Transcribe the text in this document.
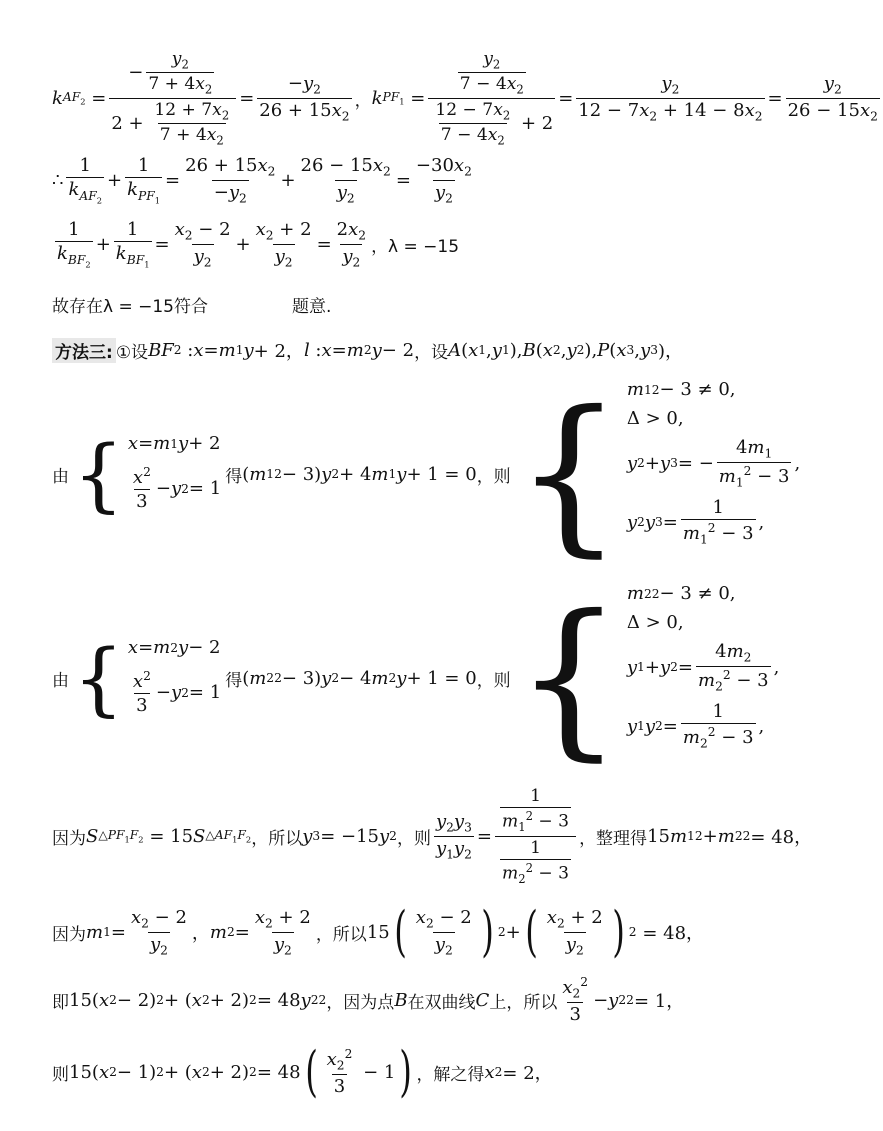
k $AF_2 = \frac{- \frac{y_2}{7 + 4x_2}}{2 + \frac{12 + 7x_2}{7 + 4x_2}} = \frac{-y_2}{26 + 15x_2}$ ， k $PF_1 = \frac{\frac{y_2}{7 - 4x_2}}{\frac{12 - 7x_2}{7 - 4x_2} + 2} = \frac{y_2}{12 - 7x_2 + 14 - 8x_2} = \frac{y_2}{26 - 15x_2}$
∴ $\frac{1}{k_{AF_2}} + \frac{1}{k_{PF_1}} = \frac{26 + 15x_2}{-y_2} + \frac{26 - 15x_2}{y_2} = \frac{-30x_2}{y_2}$
$\frac{1}{k_{BF_2}} + \frac{1}{k_{BF_1}} = \frac{x_2 - 2}{y_2} + \frac{x_2 + 2}{y_2} = \frac{2x_2}{y_2}$ ，λ = −15
故存在λ = −15符合	题意.
方法三: ①设 BF 2 : x = m 1 y + 2， l : x = m 2 y − 2 ，设 A ( x 1 , y 1 ), B ( x 2 , y 2 ), P ( x 3 , y 3 )，
由 { x = m 1 y + 2
$\frac{x^2}{3} - y$ 2 = 1
得 ( m 1 2 − 3) y 2 + 4 m 1 y + 1 = 0 ，则 { m 1 2 − 3 ≠ 0,
Δ > 0,
y 2 + y 3 = − $\frac{4m_1}{m_1^2 - 3}$ ,
y 2 y $3 = \frac{1}{m_1^2 - 3}$ ,
由 { x = m 2 y − 2
$\frac{x^2}{3} - y$ 2 = 1
得 ( m 2 2 − 3) y 2 − 4 m 2 y + 1 = 0 ，则 { m 2 2 − 3 ≠ 0,
Δ > 0,
y 1 + y $2 = \frac{4m_2}{m_2^2 - 3}$ ,
y 1 y $2 = \frac{1}{m_2^2 - 3}$ ,
因为 S $\triangle PF_1F_2 = 15$ S $\triangle AF_1F_2$ ，所以 y 3 = −15 y 2 ，则 $\frac{y_2y_3}{y_1y_2} = \frac{\frac{1}{m_1^2 - 3}}{\frac{1}{m_2^2 - 3}}$ ，整理得 15 m 1 2 + m 2 2 = 48，
因为 m $1 = \frac{x_2 - 2}{y_2}$ ， m $2 = \frac{x_2 + 2}{y_2}$ ，所以 15 ( $\frac{x_2 - 2}{y_2}$ ) 2 + ( $\frac{x_2 + 2}{y_2}$ ) 2 = 48，
即 15( x 2 − 2) 2 + ( x 2 + 2) 2 = 48 y 2 2 ，因为点 B 在双曲线 C 上，所以 $\frac{x_2^2}{3} - y$ 2 2 = 1，
则 15( x 2 − 1) 2 + ( x 2 + 2) 2 = 48 ( $\frac{x_2^2}{3} - 1$ ) ，解之得 x 2 = 2，
